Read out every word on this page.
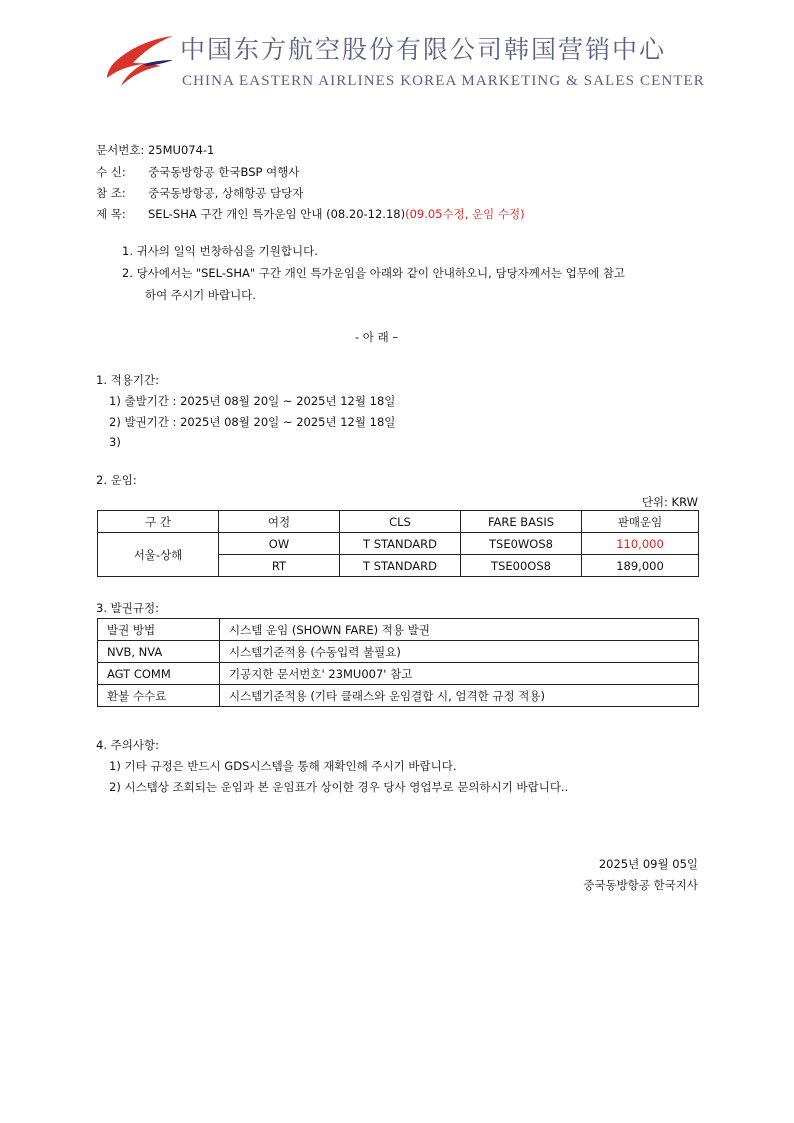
中国东方航空股份有限公司韩国营销中心
CHINA EASTERN AIRLINES KOREA MARKETING & SALES CENTER
문서번호: 25MU074-1
수 신: 중국동방항공 한국BSP 여행사
참 조: 중국동방항공, 상해항공 담당자
제 목: SEL-SHA 구간 개인 특가운임 안내 (08.20-12.18)(09.05수정, 운임 수정)
1. 귀사의 일익 번창하심을 기원합니다.
2. 당사에서는 "SEL-SHA" 구간 개인 특가운임을 아래와 같이 안내하오니, 담당자께서는 업무에 참고
하여 주시기 바랍니다.
- 아 래 –
1. 적용기간:
1) 출발기간 : 2025년 08월 20일 ~ 2025년 12월 18일
2) 발권기간 : 2025년 08월 20일 ~ 2025년 12월 18일
3)
2. 운임:
단위: KRW
구 간	여정	CLS	FARE BASIS	판매운임
서울-상해	OW	T STANDARD	TSE0WOS8	110,000
	RT	T STANDARD	TSE00OS8	189,000
3. 발권규정:
발권 방법	시스템 운임 (SHOWN FARE) 적용 발권
NVB, NVA	시스템기준적용 (수동입력 불필요)
AGT COMM	기공지한 문서번호' 23MU007' 참고
환불 수수료	시스템기준적용 (기타 클래스와 운임결합 시, 엄격한 규정 적용)
4. 주의사항:
1) 기타 규정은 반드시 GDS시스템을 통해 재확인해 주시기 바랍니다.
2) 시스템상 조회되는 운임과 본 운임표가 상이한 경우 당사 영업부로 문의하시기 바랍니다..
2025년 09월 05일
중국동방항공 한국지사
